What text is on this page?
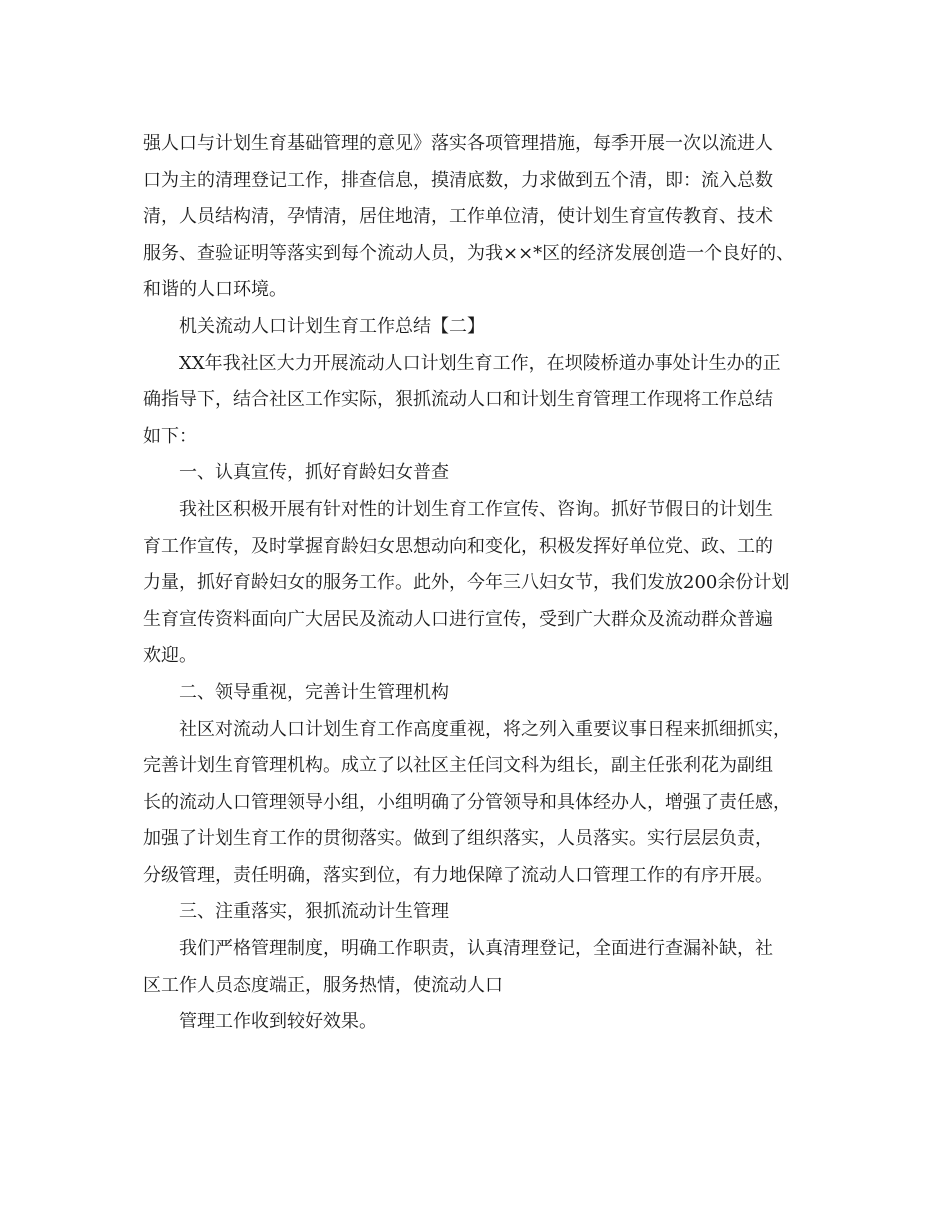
强人口与计划生育基础管理的意见》落实各项管理措施，每季开展一次以流进人
口为主的清理登记工作，排查信息，摸清底数，力求做到五个清，即：流入总数
清，人员结构清，孕情清，居住地清，工作单位清，使计划生育宣传教育、技术
服务、查验证明等落实到每个流动人员，为我××*区的经济发展创造一个良好的、
和谐的人口环境。
机关流动人口计划生育工作总结【二】
XX年我社区大力开展流动人口计划生育工作，在坝陵桥道办事处计生办的正
确指导下，结合社区工作实际，狠抓流动人口和计划生育管理工作现将工作总结
如下：
一、认真宣传，抓好育龄妇女普查
我社区积极开展有针对性的计划生育工作宣传、咨询。抓好节假日的计划生
育工作宣传，及时掌握育龄妇女思想动向和变化，积极发挥好单位党、政、工的
力量，抓好育龄妇女的服务工作。此外，今年三八妇女节，我们发放200余份计划
生育宣传资料面向广大居民及流动人口进行宣传，受到广大群众及流动群众普遍
欢迎。
二、领导重视，完善计生管理机构
社区对流动人口计划生育工作高度重视，将之列入重要议事日程来抓细抓实，
完善计划生育管理机构。成立了以社区主任闫文科为组长，副主任张利花为副组
长的流动人口管理领导小组，小组明确了分管领导和具体经办人，增强了责任感，
加强了计划生育工作的贯彻落实。做到了组织落实，人员落实。实行层层负责，
分级管理，责任明确，落实到位，有力地保障了流动人口管理工作的有序开展。
三、注重落实，狠抓流动计生管理
我们严格管理制度，明确工作职责，认真清理登记，全面进行查漏补缺，社
区工作人员态度端正，服务热情，使流动人口
管理工作收到较好效果。
